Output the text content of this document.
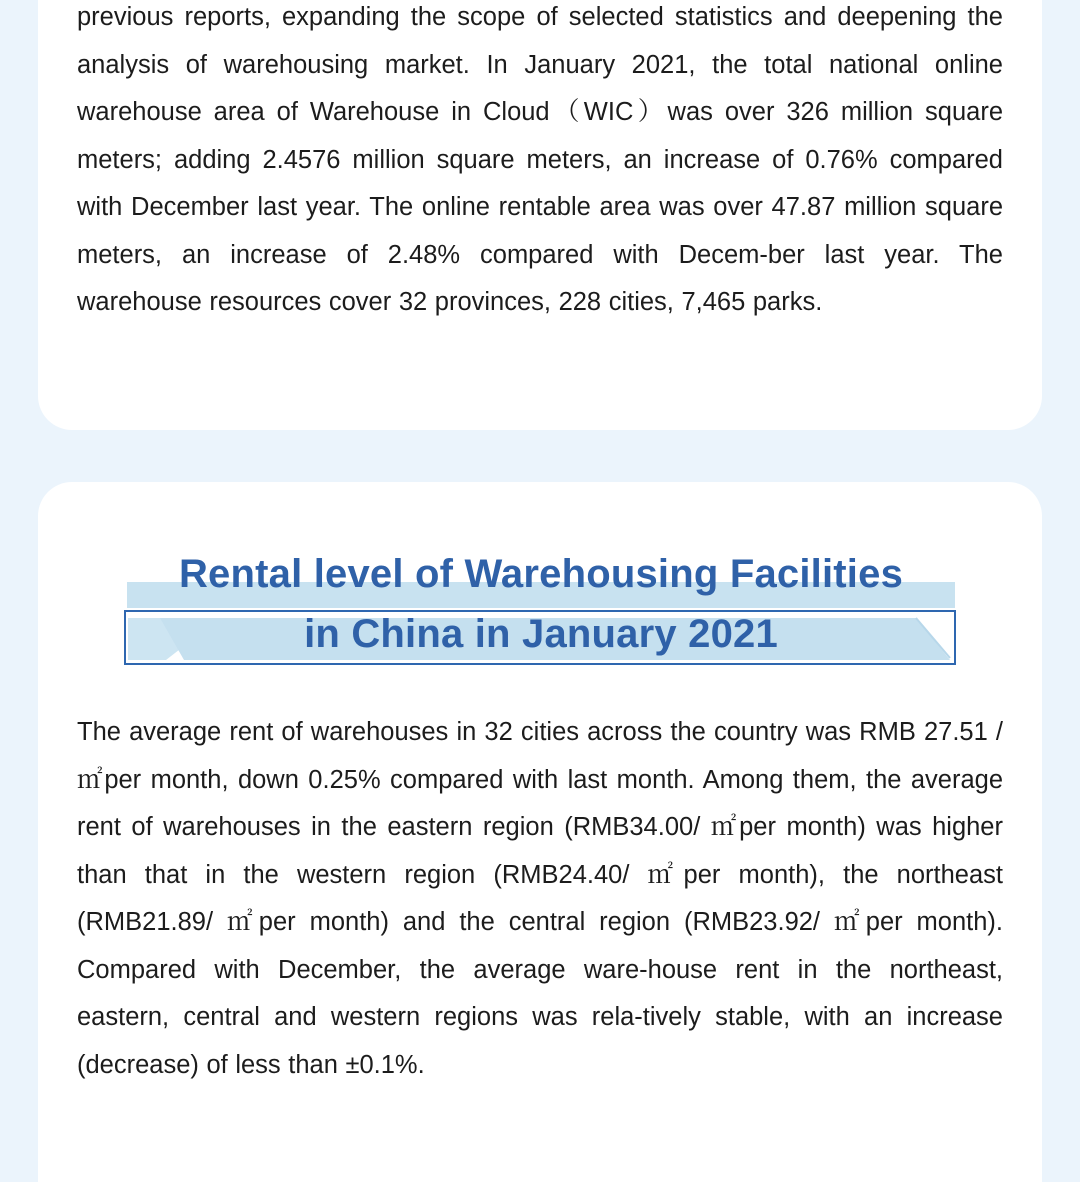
previous reports, expanding the scope of selected statistics and deepening the analysis of warehousing market. In January 2021, the total national online warehouse area of Warehouse in Cloud（WIC）was over 326 million square meters; adding 2.4576 million square meters, an increase of 0.76% compared with December last year. The online rentable area was over 47.87 million square meters, an increase of 2.48% compared with Decem-ber last year. The warehouse resources cover 32 provinces, 228 cities, 7,465 parks.

Rental level of Warehousing Facilities
in China in January 2021

The average rent of warehouses in 32 cities across the country was RMB 27.51 / ㎡per month, down 0.25% compared with last month. Among them, the average rent of warehouses in the eastern region (RMB34.00/ ㎡per month) was higher than that in the western region (RMB24.40/ ㎡per month), the northeast (RMB21.89/ ㎡per month) and the central region (RMB23.92/ ㎡per month). Compared with December, the average ware-house rent in the northeast, eastern, central and western regions was rela-tively stable, with an increase (decrease) of less than ±0.1%.
